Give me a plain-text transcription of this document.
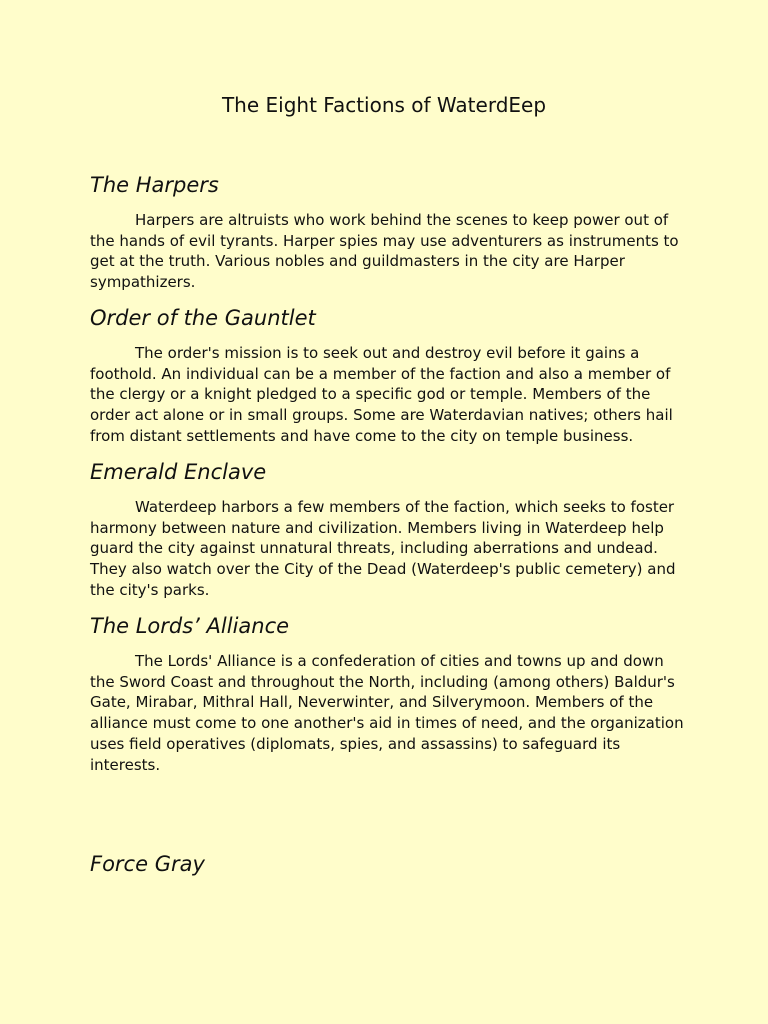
The Eight Factions of WaterdEep
The Harpers

Harpers are altruists who work behind the scenes to keep power out of the hands of evil tyrants. Harper spies may use adventurers as instruments to get at the truth. Various nobles and guildmasters in the city are Harper sympathizers.

Order of the Gauntlet

The order's mission is to seek out and destroy evil before it gains a foothold. An individual can be a member of the faction and also a member of the clergy or a knight pledged to a specific god or temple. Members of the order act alone or in small groups. Some are Waterdavian natives; others hail from distant settlements and have come to the city on temple business.

Emerald Enclave

Waterdeep harbors a few members of the faction, which seeks to foster harmony between nature and civilization. Members living in Waterdeep help guard the city against unnatural threats, including aberrations and undead. They also watch over the City of the Dead (Waterdeep's public cemetery) and the city's parks.

The Lords’ Alliance

The Lords' Alliance is a confederation of cities and towns up and down the Sword Coast and throughout the North, including (among others) Baldur's Gate, Mirabar, Mithral Hall, Neverwinter, and Silverymoon. Members of the alliance must come to one another's aid in times of need, and the organization uses field operatives (diplomats, spies, and assassins) to safeguard its interests.

Force Gray
